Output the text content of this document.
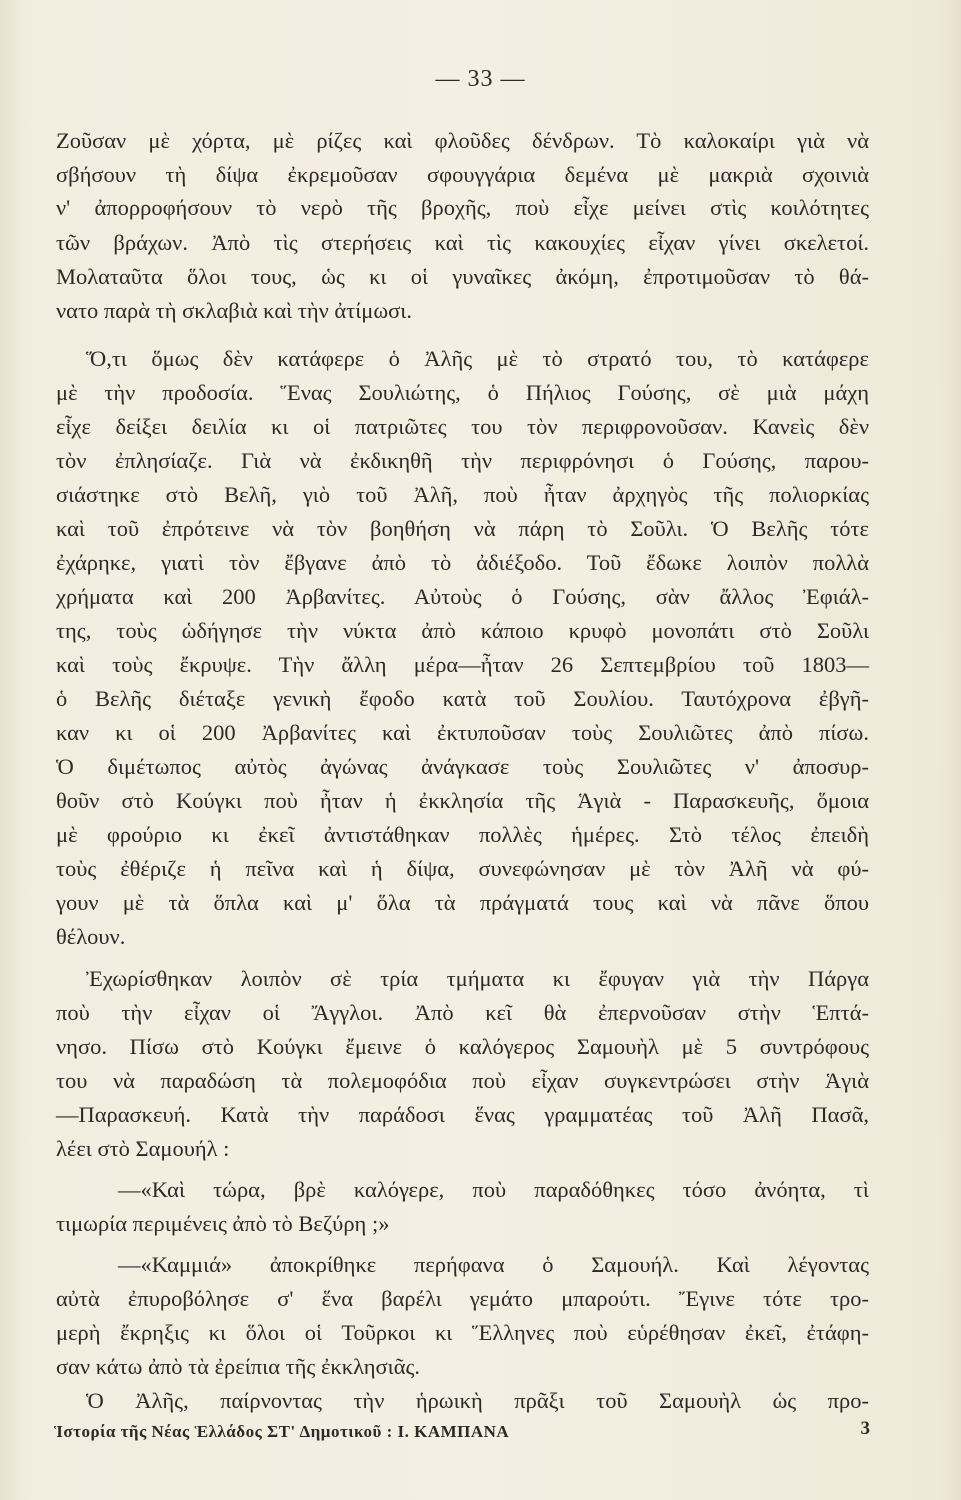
— 33 —
Ζοῦσαν μὲ χόρτα, μὲ ρίζες καὶ φλοῦδες δένδρων. Τὸ καλοκαίρι γιὰ νὰ
σβήσουν τὴ δίψα ἐκρεμοῦσαν σφουγγάρια δεμένα μὲ μακριὰ σχοινιὰ
ν' ἀπορροφήσουν τὸ νερὸ τῆς βροχῆς, ποὺ εἶχε μείνει στὶς κοιλότητες
τῶν βράχων. Ἀπὸ τὶς στερήσεις καὶ τὶς κακουχίες εἶχαν γίνει σκελετοί.
Μολαταῦτα ὅλοι τους, ὡς κι οἱ γυναῖκες ἀκόμη, ἐπροτιμοῦσαν τὸ θά-
νατο παρὰ τὴ σκλαβιὰ καὶ τὴν ἀτίμωσι.
Ὅ,τι ὅμως δὲν κατάφερε ὁ Ἀλῆς μὲ τὸ στρατό του, τὸ κατάφερε
μὲ τὴν προδοσία. Ἕνας Σουλιώτης, ὁ Πήλιος Γούσης, σὲ μιὰ μάχη
εἶχε δείξει δειλία κι οἱ πατριῶτες του τὸν περιφρονοῦσαν. Κανεὶς δὲν
τὸν ἐπλησίαζε. Γιὰ νὰ ἐκδικηθῆ τὴν περιφρόνησι ὁ Γούσης, παρου-
σιάστηκε στὸ Βελῆ, γιὸ τοῦ Ἀλῆ, ποὺ ἦταν ἀρχηγὸς τῆς πολιορκίας
καὶ τοῦ ἐπρότεινε νὰ τὸν βοηθήση νὰ πάρη τὸ Σοῦλι. Ὁ Βελῆς τότε
ἐχάρηκε, γιατὶ τὸν ἔβγανε ἀπὸ τὸ ἀδιέξοδο. Τοῦ ἔδωκε λοιπὸν πολλὰ
χρήματα καὶ 200 Ἀρβανίτες. Αὐτοὺς ὁ Γούσης, σὰν ἄλλος Ἐφιάλ-
της, τοὺς ὡδήγησε τὴν νύκτα ἀπὸ κάποιο κρυφὸ μονοπάτι στὸ Σοῦλι
καὶ τοὺς ἔκρυψε. Τὴν ἄλλη μέρα—ἦταν 26 Σεπτεμβρίου τοῦ 1803—
ὁ Βελῆς διέταξε γενικὴ ἔφοδο κατὰ τοῦ Σουλίου. Ταυτόχρονα ἐβγῆ-
καν κι οἱ 200 Ἀρβανίτες καὶ ἐκτυποῦσαν τοὺς Σουλιῶτες ἀπὸ πίσω.
Ὁ διμέτωπος αὐτὸς ἀγώνας ἀνάγκασε τοὺς Σουλιῶτες ν' ἀποσυρ-
θοῦν στὸ Κούγκι ποὺ ἦταν ἡ ἐκκλησία τῆς Ἁγιὰ - Παρασκευῆς, ὅμοια
μὲ φρούριο κι ἐκεῖ ἀντιστάθηκαν πολλὲς ἡμέρες. Στὸ τέλος ἐπειδὴ
τοὺς ἐθέριζε ἡ πεῖνα καὶ ἡ δίψα, συνεφώνησαν μὲ τὸν Ἀλῆ νὰ φύ-
γουν μὲ τὰ ὅπλα καὶ μ' ὅλα τὰ πράγματά τους καὶ νὰ πᾶνε ὅπου
θέλουν.
Ἐχωρίσθηκαν λοιπὸν σὲ τρία τμήματα κι ἔφυγαν γιὰ τὴν Πάργα
ποὺ τὴν εἶχαν οἱ Ἄγγλοι. Ἀπὸ κεῖ θὰ ἐπερνοῦσαν στὴν Ἑπτά-
νησο. Πίσω στὸ Κούγκι ἔμεινε ὁ καλόγερος Σαμουὴλ μὲ 5 συντρόφους
του νὰ παραδώση τὰ πολεμοφόδια ποὺ εἶχαν συγκεντρώσει στὴν Ἁγιὰ
—Παρασκευή. Κατὰ τὴν παράδοσι ἕνας γραμματέας τοῦ Ἀλῆ Πασᾶ,
λέει στὸ Σαμουήλ :
—«Καὶ τώρα, βρὲ καλόγερε, ποὺ παραδόθηκες τόσο ἀνόητα, τὶ
τιμωρία περιμένεις ἀπὸ τὸ Βεζύρη ;»
—«Καμμιά» ἀποκρίθηκε περήφανα ὁ Σαμουήλ. Καὶ λέγοντας
αὐτὰ ἐπυροβόλησε σ' ἕνα βαρέλι γεμάτο μπαρούτι. Ἔγινε τότε τρο-
μερὴ ἔκρηξις κι ὅλοι οἱ Τοῦρκοι κι Ἕλληνες ποὺ εὑρέθησαν ἐκεῖ, ἐτάφη-
σαν κάτω ἀπὸ τὰ ἐρείπια τῆς ἐκκλησιᾶς.
Ὁ Ἀλῆς, παίρνοντας τὴν ἡρωικὴ πρᾶξι τοῦ Σαμουὴλ ὡς προ-
Ἱστορία τῆς Νέας Ἑλλάδος ΣΤ' Δημοτικοῦ : Ι. ΚΑΜΠΑΝΑ	3
